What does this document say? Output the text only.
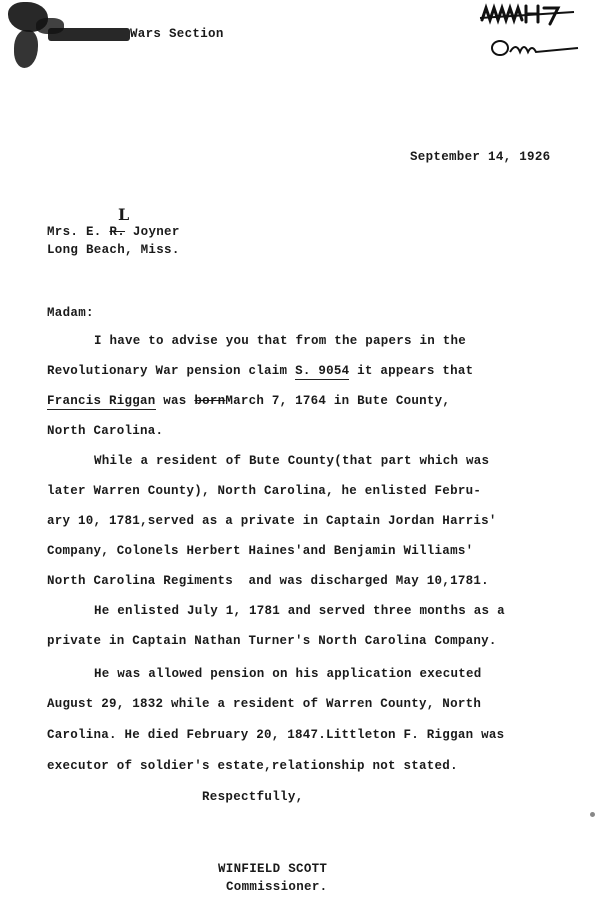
Wars Section
mmH7
September 14, 1926
Mrs. E. R. Joyner
L
Long Beach, Miss.
Madam:
I have to advise you that from the papers in the
Revolutionary War pension claim S. 9054 it appears that
Francis Riggan was bornMarch 7, 1764 in Bute County,
North Carolina.
While a resident of Bute County(that part which was
later Warren County), North Carolina, he enlisted Febru-
ary 10, 1781,served as a private in Captain Jordan Harris'
Company, Colonels Herbert Haines'and Benjamin Williams'
North Carolina Regiments  and was discharged May 10,1781.
He enlisted July 1, 1781 and served three months as a
private in Captain Nathan Turner's North Carolina Company.
He was allowed pension on his application executed
August 29, 1832 while a resident of Warren County, North
Carolina. He died February 20, 1847.Littleton F. Riggan was
executor of soldier's estate,relationship not stated.
Respectfully,
WINFIELD SCOTT
Commissioner.
